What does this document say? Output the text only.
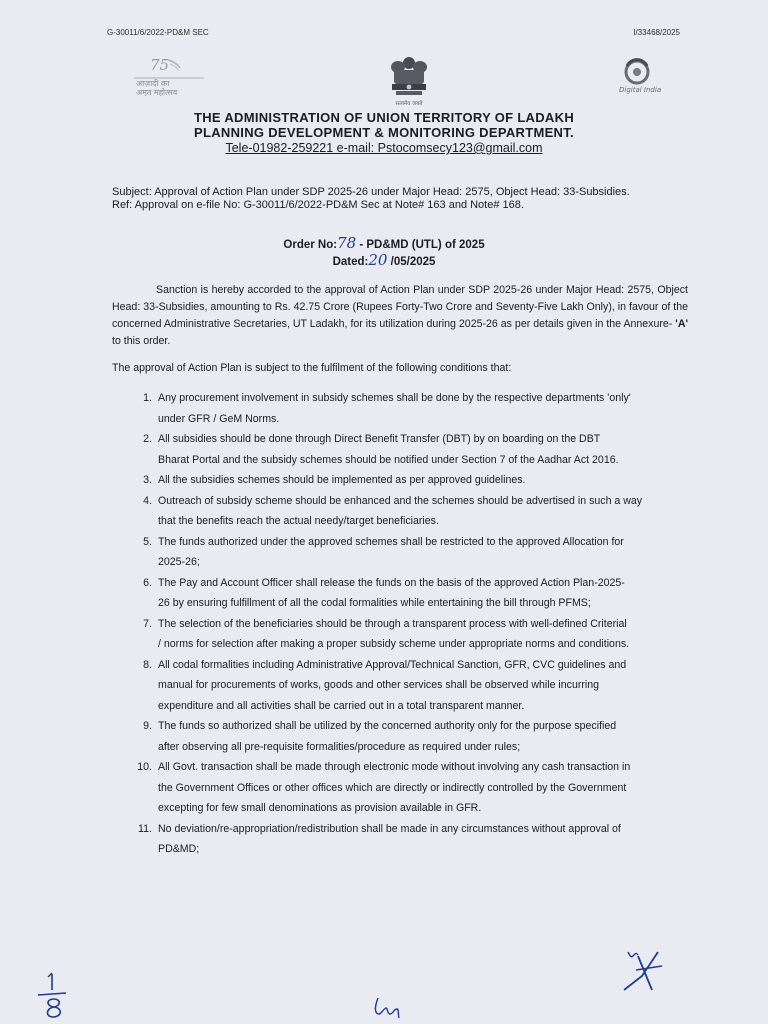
G-30011/6/2022-PD&M SEC	I/33468/2025
75
आज़ादी का
अमृत महोत्सव
सत्यमेव जयते
Digital India
THE ADMINISTRATION OF UNION TERRITORY OF LADAKH
PLANNING DEVELOPMENT & MONITORING DEPARTMENT.
Tele-01982-259221 e-mail: Pstocomsecy123@gmail.com
Subject: Approval of Action Plan under SDP 2025-26 under Major Head: 2575, Object Head: 33-Subsidies.
Ref: Approval on e-file No: G-30011/6/2022-PD&M Sec at Note# 163 and Note# 168.
Order No:78 - PD&MD (UTL) of 2025
Dated:20 /05/2025
Sanction is hereby accorded to the approval of Action Plan under SDP 2025-26 under Major Head: 2575, Object Head: 33-Subsidies, amounting to Rs. 42.75 Crore (Rupees Forty-Two Crore and Seventy-Five Lakh Only), in favour of the concerned Administrative Secretaries, UT Ladakh, for its utilization during 2025-26 as per details given in the Annexure- 'A' to this order.
The approval of Action Plan is subject to the fulfilment of the following conditions that:
1. Any procurement involvement in subsidy schemes shall be done by the respective departments 'only'
under GFR / GeM Norms.
2. All subsidies should be done through Direct Benefit Transfer (DBT) by on boarding on the DBT
Bharat Portal and the subsidy schemes should be notified under Section 7 of the Aadhar Act 2016.
3. All the subsidies schemes should be implemented as per approved guidelines.
4. Outreach of subsidy scheme should be enhanced and the schemes should be advertised in such a way
that the benefits reach the actual needy/target beneficiaries.
5. The funds authorized under the approved schemes shall be restricted to the approved Allocation for
2025-26;
6. The Pay and Account Officer shall release the funds on the basis of the approved Action Plan-2025-
26 by ensuring fulfillment of all the codal formalities while entertaining the bill through PFMS;
7. The selection of the beneficiaries should be through a transparent process with well-defined Criterial
/ norms for selection after making a proper subsidy scheme under appropriate norms and conditions.
8. All codal formalities including Administrative Approval/Technical Sanction, GFR, CVC guidelines and
manual for procurements of works, goods and other services shall be observed while incurring
expenditure and all activities shall be carried out in a total transparent manner.
9. The funds so authorized shall be utilized by the concerned authority only for the purpose specified
after observing all pre-requisite formalities/procedure as required under rules;
10. All Govt. transaction shall be made through electronic mode without involving any cash transaction in
the Government Offices or other offices which are directly or indirectly controlled by the Government
excepting for few small denominations as provision available in GFR.
11. No deviation/re-appropriation/redistribution shall be made in any circumstances without approval of
PD&MD;
